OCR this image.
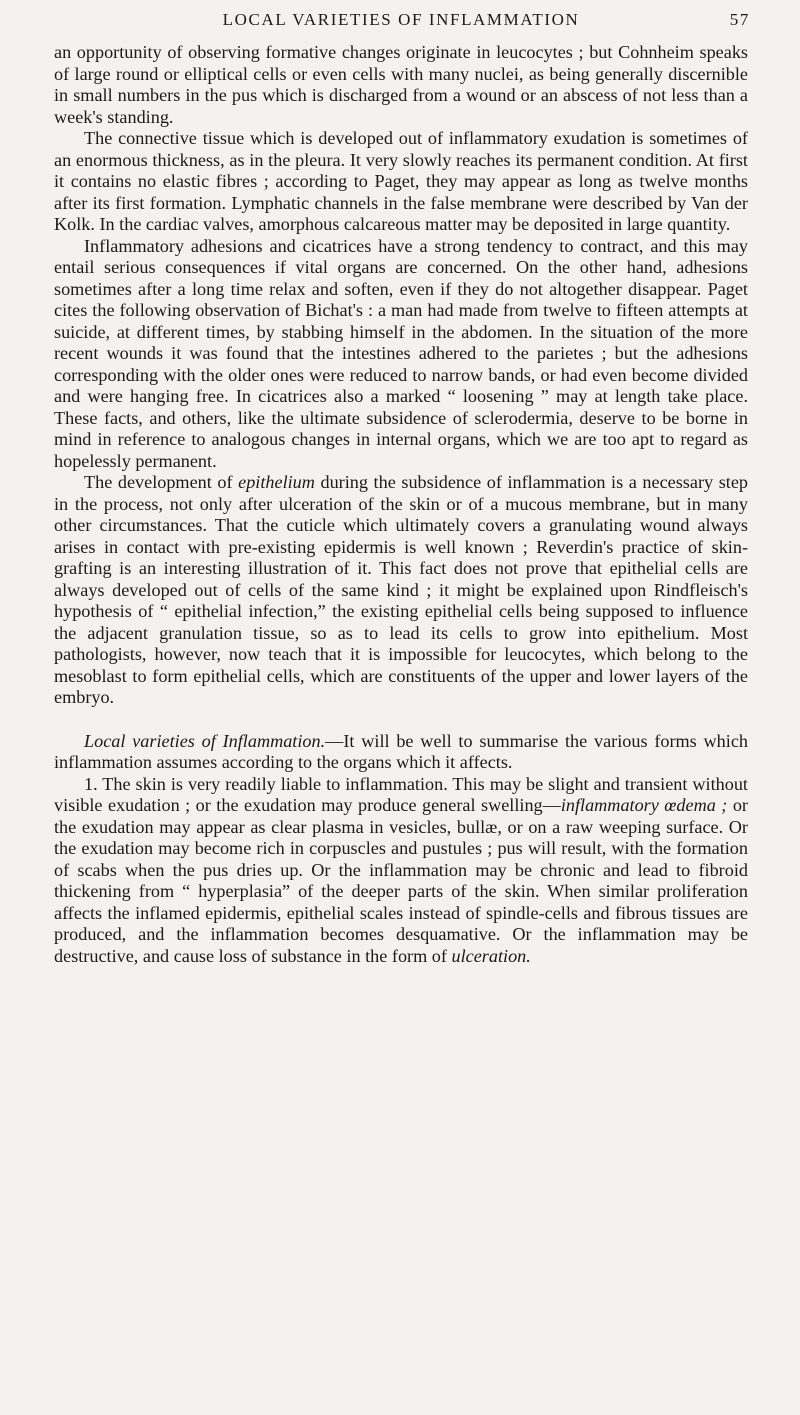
LOCAL VARIETIES OF INFLAMMATION	57

an opportunity of observing formative changes originate in leucocytes ; but Cohnheim speaks of large round or elliptical cells or even cells with many nuclei, as being generally discernible in small numbers in the pus which is discharged from a wound or an abscess of not less than a week's standing.

The connective tissue which is developed out of inflammatory exudation is sometimes of an enormous thickness, as in the pleura. It very slowly reaches its permanent condition. At first it contains no elastic fibres ; according to Paget, they may appear as long as twelve months after its first formation. Lymphatic channels in the false membrane were described by Van der Kolk. In the cardiac valves, amorphous calcareous matter may be deposited in large quantity.

Inflammatory adhesions and cicatrices have a strong tendency to contract, and this may entail serious consequences if vital organs are concerned. On the other hand, adhesions sometimes after a long time relax and soften, even if they do not altogether disappear. Paget cites the following observation of Bichat's : a man had made from twelve to fifteen attempts at suicide, at different times, by stabbing himself in the abdomen. In the situation of the more recent wounds it was found that the intestines adhered to the parietes ; but the adhesions corresponding with the older ones were reduced to narrow bands, or had even become divided and were hanging free. In cicatrices also a marked “ loosening ” may at length take place. These facts, and others, like the ultimate subsidence of sclerodermia, deserve to be borne in mind in reference to analogous changes in internal organs, which we are too apt to regard as hopelessly permanent.

The development of epithelium during the subsidence of inflammation is a necessary step in the process, not only after ulceration of the skin or of a mucous membrane, but in many other circumstances. That the cuticle which ultimately covers a granulating wound always arises in contact with pre-existing epidermis is well known ; Reverdin's practice of skin-grafting is an interesting illustration of it. This fact does not prove that epithelial cells are always developed out of cells of the same kind ; it might be explained upon Rindfleisch's hypothesis of “ epithelial infection,” the existing epithelial cells being supposed to influence the adjacent granulation tissue, so as to lead its cells to grow into epithelium. Most pathologists, however, now teach that it is impossible for leucocytes, which belong to the mesoblast to form epithelial cells, which are constituents of the upper and lower layers of the embryo.

Local varieties of Inflammation.—It will be well to summarise the various forms which inflammation assumes according to the organs which it affects.

1. The skin is very readily liable to inflammation. This may be slight and transient without visible exudation ; or the exudation may produce general swelling—inflammatory œdema ; or the exudation may appear as clear plasma in vesicles, bullæ, or on a raw weeping surface. Or the exudation may become rich in corpuscles and pustules ; pus will result, with the formation of scabs when the pus dries up. Or the inflammation may be chronic and lead to fibroid thickening from “ hyperplasia” of the deeper parts of the skin. When similar proliferation affects the inflamed epidermis, epithelial scales instead of spindle-cells and fibrous tissues are produced, and the inflammation becomes desquamative. Or the inflammation may be destructive, and cause loss of substance in the form of ulceration.
